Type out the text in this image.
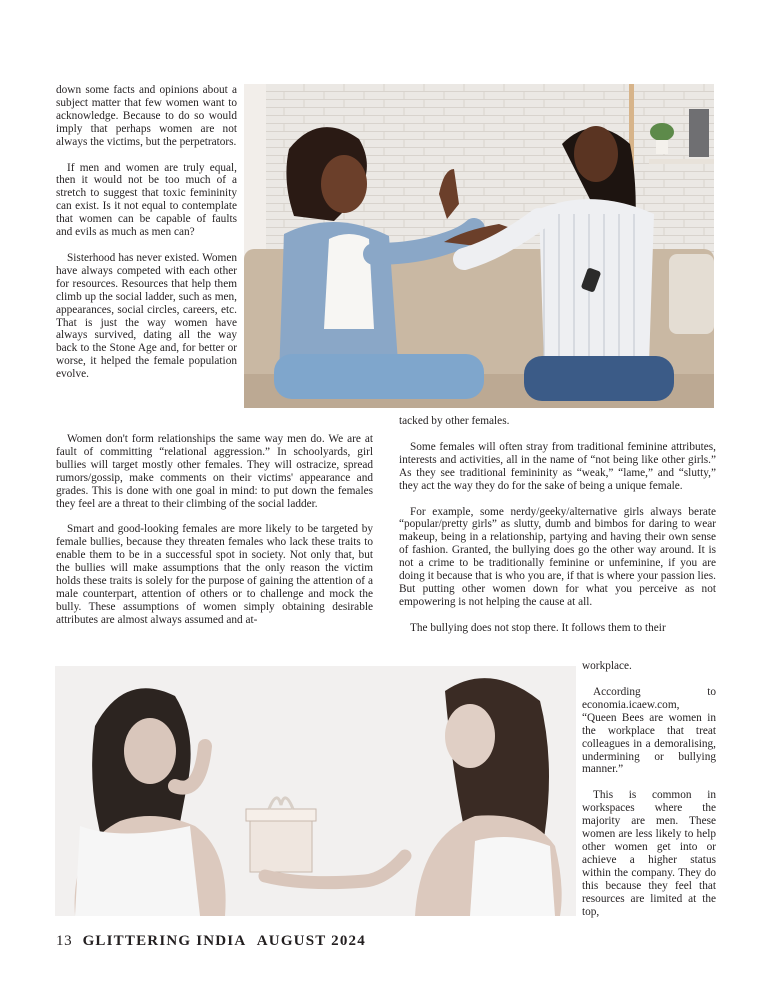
down some facts and opinions about a subject matter that few women want to acknowledge. Because to do so would imply that perhaps women are not always the victims, but the perpetrators.

If men and women are truly equal, then it would not be too much of a stretch to suggest that toxic femininity can exist. Is it not equal to contemplate that women can be capable of faults and evils as much as men can?

Sisterhood has never existed. Women have always competed with each other for resources. Resources that help them climb up the social ladder, such as men, appearances, social circles, careers, etc. That is just the way women have always survived, dating all the way back to the Stone Age and, for better or worse, it helped the female population evolve.

Women don't form relationships the same way men do. We are at fault of committing “relational aggression.” In schoolyards, girl bullies will target mostly other females. They will ostracize, spread rumors/gossip, make comments on their victims' appearance and grades. This is done with one goal in mind: to put down the females they feel are a threat to their climbing of the social ladder.

Smart and good-looking females are more likely to be targeted by female bullies, because they threaten females who lack these traits to enable them to be in a successful spot in society. Not only that, but the bullies will make assumptions that the only reason the victim holds these traits is solely for the purpose of gaining the attention of a male counterpart, attention of others or to challenge and mock the bully. These assumptions of women simply obtaining desirable attributes are almost always assumed and at-

tacked by other females.

Some females will often stray from traditional feminine attributes, interests and activities, all in the name of “not being like other girls.” As they see traditional femininity as “weak,” “lame,” and “slutty,” they act the way they do for the sake of being a unique female.

For example, some nerdy/geeky/alternative girls always berate “popular/pretty girls” as slutty, dumb and bimbos for daring to wear makeup, being in a relationship, partying and having their own sense of fashion. Granted, the bullying does go the other way around. It is not a crime to be traditionally feminine or unfeminine, if you are doing it because that is who you are, if that is where your passion lies. But putting other women down for what you perceive as not empowering is not helping the cause at all.

The bullying does not stop there. It follows them to their

workplace.

According to economia.icaew.com, “Queen Bees are women in the workplace that treat colleagues in a demoralising, undermining or bullying manner.”

This is common in workspaces where the majority are men. These women are less likely to help other women get into or achieve a higher status within the company. They do this because they feel that resources are limited at the top,

13 GLITTERING INDIA AUGUST 2024
